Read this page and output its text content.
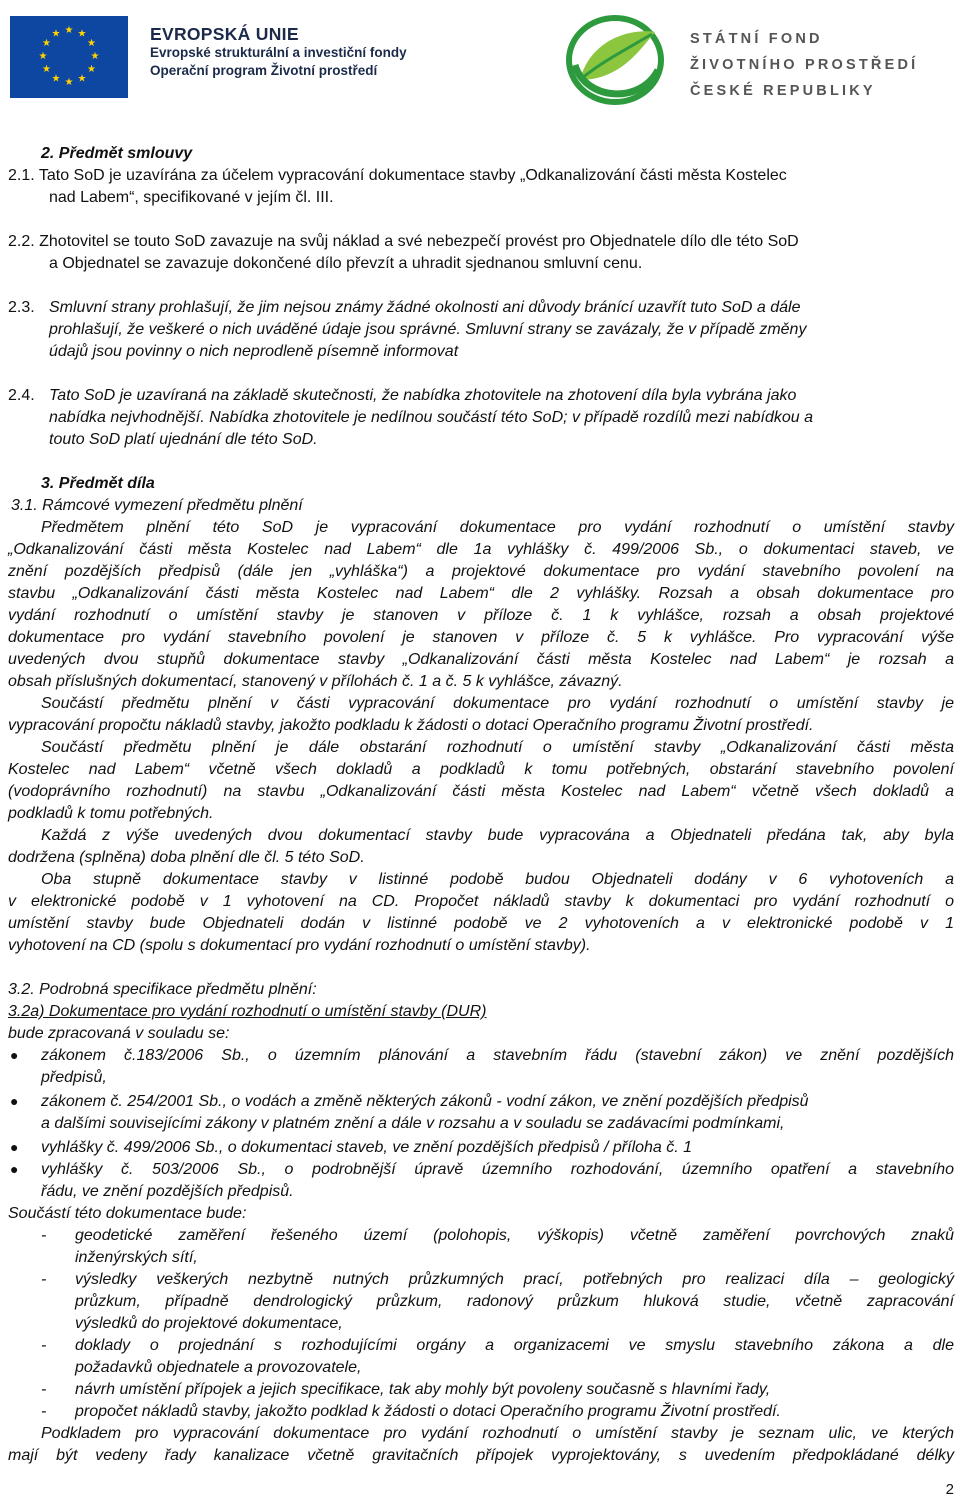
★ ★
★
★
★
★
★
★
★
★
★
★	EVROPSKÁ UNIE
Evropské strukturální a investiční fondy
Operační program Životní prostředí
STÁTNÍ FOND
ŽIVOTNÍHO PROSTŘEDÍ
ČESKÉ REPUBLIKY
2. Předmět smlouvy
2.1. Tato SoD je uzavírána za účelem vypracování dokumentace stavby „Odkanalizování části města Kostelec
nad Labem“, specifikované v jejím čl. III.
2.2. Zhotovitel se touto SoD zavazuje na svůj náklad a své nebezpečí provést pro Objednatele dílo dle této SoD
a Objednatel se zavazuje dokončené dílo převzít a uhradit sjednanou smluvní cenu.
2.3. Smluvní strany prohlašují, že jim nejsou známy žádné okolnosti ani důvody bránící uzavřít tuto SoD a dále
prohlašují, že veškeré o nich uváděné údaje jsou správné. Smluvní strany se zavázaly, že v případě změny
údajů jsou povinny o nich neprodleně písemně informovat
2.4. Tato SoD je uzavíraná na základě skutečnosti, že nabídka zhotovitele na zhotovení díla byla vybrána jako
nabídka nejvhodnější. Nabídka zhotovitele je nedílnou součástí této SoD; v případě rozdílů mezi nabídkou a
touto SoD platí ujednání dle této SoD.
3. Předmět díla
3.1. Rámcové vymezení předmětu plnění
Předmětem plnění této SoD je vypracování dokumentace pro vydání rozhodnutí o umístění stavby
„Odkanalizování části města Kostelec nad Labem“ dle 1a vyhlášky č. 499/2006 Sb., o dokumentaci staveb, ve
znění pozdějších předpisů (dále jen „vyhláška“) a projektové dokumentace pro vydání stavebního povolení na
stavbu „Odkanalizování části města Kostelec nad Labem“ dle 2 vyhlášky. Rozsah a obsah dokumentace pro
vydání rozhodnutí o umístění stavby je stanoven v příloze č. 1 k vyhlášce, rozsah a obsah projektové
dokumentace pro vydání stavebního povolení je stanoven v příloze č. 5 k vyhlášce. Pro vypracování výše
uvedených dvou stupňů dokumentace stavby „Odkanalizování části města Kostelec nad Labem“ je rozsah a
obsah příslušných dokumentací, stanovený v přílohách č. 1 a č. 5 k vyhlášce, závazný.
Součástí předmětu plnění v části vypracování dokumentace pro vydání rozhodnutí o umístění stavby je
vypracování propočtu nákladů stavby, jakožto podkladu k žádosti o dotaci Operačního programu Životní prostředí.
Součástí předmětu plnění je dále obstarání rozhodnutí o umístění stavby „Odkanalizování části města
Kostelec nad Labem“ včetně všech dokladů a podkladů k tomu potřebných, obstarání stavebního povolení
(vodoprávního rozhodnutí) na stavbu „Odkanalizování části města Kostelec nad Labem“ včetně všech dokladů a
podkladů k tomu potřebných.
Každá z výše uvedených dvou dokumentací stavby bude vypracována a Objednateli předána tak, aby byla
dodržena (splněna) doba plnění dle čl. 5 této SoD.
Oba stupně dokumentace stavby v listinné podobě budou Objednateli dodány v 6 vyhotoveních a
v elektronické podobě v 1 vyhotovení na CD. Propočet nákladů stavby k dokumentaci pro vydání rozhodnutí o
umístění stavby bude Objednateli dodán v listinné podobě ve 2 vyhotoveních a v elektronické podobě v 1
vyhotovení na CD (spolu s dokumentací pro vydání rozhodnutí o umístění stavby).
3.2. Podrobná specifikace předmětu plnění:
3.2a) Dokumentace pro vydání rozhodnutí o umístění stavby (DUR)
bude zpracovaná v souladu se:
● zákonem č.183/2006 Sb., o územním plánování a stavebním řádu (stavební zákon) ve znění pozdějších
předpisů,
● zákonem č. 254/2001 Sb., o vodách a změně některých zákonů - vodní zákon, ve znění pozdějších předpisů
a dalšími souvisejícími zákony v platném znění a dále v rozsahu a v souladu se zadávacími podmínkami,
● vyhlášky č. 499/2006 Sb., o dokumentaci staveb, ve znění pozdějších předpisů / příloha č. 1
● vyhlášky č. 503/2006 Sb., o podrobnější úpravě územního rozhodování, územního opatření a stavebního
řádu, ve znění pozdějších předpisů.
Součástí této dokumentace bude:
- geodetické zaměření řešeného území (polohopis, výškopis) včetně zaměření povrchových znaků
inženýrských sítí,
- výsledky veškerých nezbytně nutných průzkumných prací, potřebných pro realizaci díla – geologický
průzkum, případně dendrologický průzkum, radonový průzkum hluková studie, včetně zapracování
výsledků do projektové dokumentace,
- doklady o projednání s rozhodujícími orgány a organizacemi ve smyslu stavebního zákona a dle
požadavků objednatele a provozovatele,
- návrh umístění přípojek a jejich specifikace, tak aby mohly být povoleny současně s hlavními řady,
- propočet nákladů stavby, jakožto podklad k žádosti o dotaci Operačního programu Životní prostředí.
Podkladem pro vypracování dokumentace pro vydání rozhodnutí o umístění stavby je seznam ulic, ve kterých
mají být vedeny řady kanalizace včetně gravitačních přípojek vyprojektovány, s uvedením předpokládané délky
2
